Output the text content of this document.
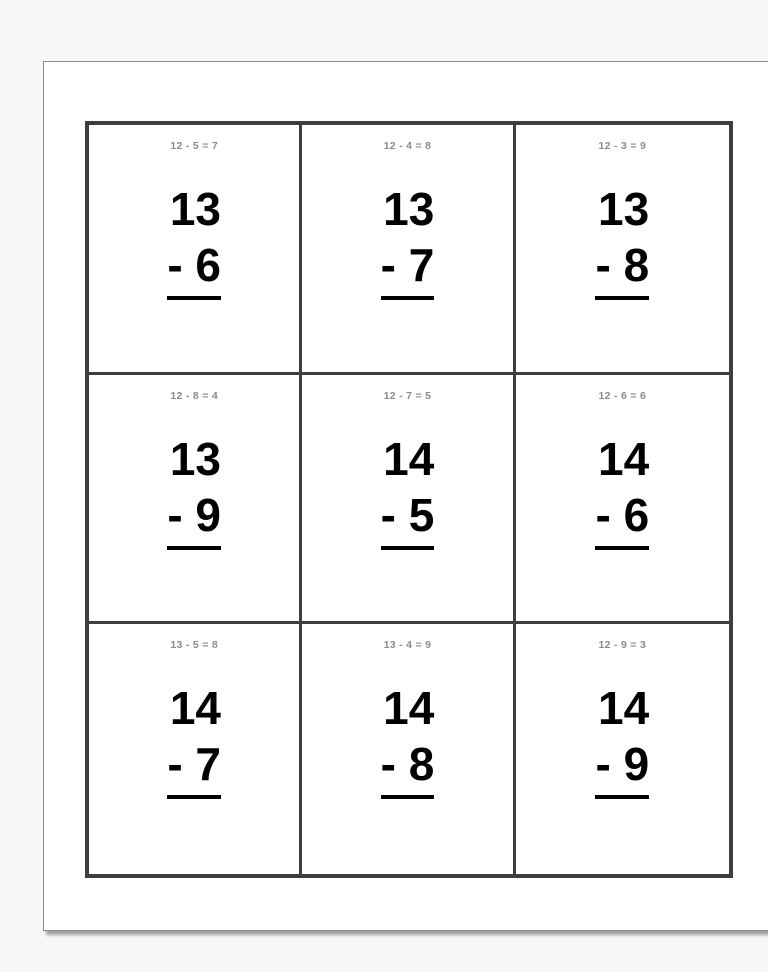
12 - 5 = 7
13
- 6
12 - 4 = 8
13
- 7
12 - 3 = 9
13
- 8
12 - 8 = 4
13
- 9
12 - 7 = 5
14
- 5
12 - 6 = 6
14
- 6
13 - 5 = 8
14
- 7
13 - 4 = 9
14
- 8
12 - 9 = 3
14
- 9
